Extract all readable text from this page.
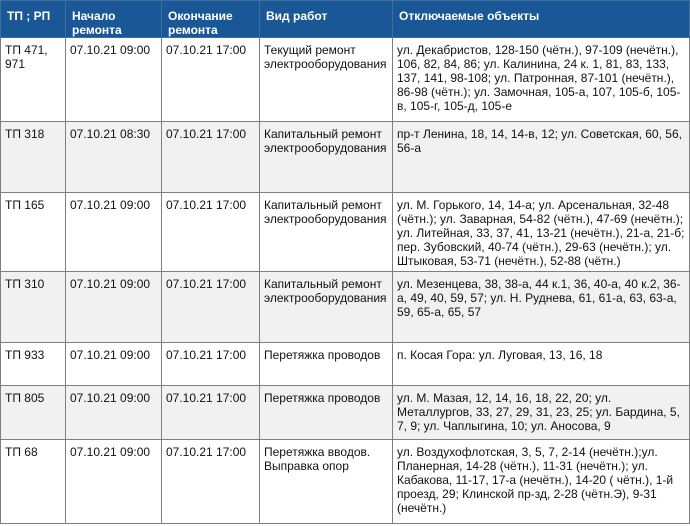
ТП ; РП	Начало ремонта	Окончание ремонта	Вид работ	Отключаемые объекты
ТП 471, 971	07.10.21 09:00	07.10.21 17:00	Текущий ремонт электрооборудования	ул. Декабристов, 128-150 (чётн.), 97-109 (нечётн.), 106, 82, 84, 86; ул. Калинина, 24 к. 1, 81, 83, 133, 137, 141, 98-108; ул. Патронная, 87-101 (нечётн.), 86-98 (чётн.); ул. Замочная, 105-а, 107, 105-б, 105-в, 105-г, 105-д, 105-е
ТП 318	07.10.21 08:30	07.10.21 17:00	Капитальный ремонт электрооборудования	пр-т Ленина, 18, 14, 14-в, 12; ул. Советская, 60, 56, 56-а
ТП 165	07.10.21 09:00	07.10.21 17:00	Капитальный ремонт электрооборудования	ул. М. Горького, 14, 14-а; ул. Арсенальная, 32-48 (чётн.); ул. Заварная, 54-82 (чётн.), 47-69 (нечётн.); ул. Литейная, 33, 37, 41, 13-21 (нечётн.), 21-а, 21-б; пер. Зубовский, 40-74 (чётн.), 29-63 (нечётн.); ул. Штыковая, 53-71 (нечётн.), 52-88 (чётн.)
ТП 310	07.10.21 09:00	07.10.21 17:00	Капитальный ремонт электрооборудования	ул. Мезенцева, 38, 38-а, 44 к.1, 36, 40-а, 40 к.2, 36-а, 49, 40, 59, 57; ул. Н. Руднева, 61, 61-а, 63, 63-а, 59, 65-а, 65, 57
ТП 933	07.10.21 09:00	07.10.21 17:00	Перетяжка проводов	п. Косая Гора: ул. Луговая, 13, 16, 18
ТП 805	07.10.21 09:00	07.10.21 17:00	Перетяжка проводов	ул. М. Мазая, 12, 14, 16, 18, 22, 20; ул. Металлургов, 33, 27, 29, 31, 23, 25; ул. Бардина, 5, 7, 9; ул. Чаплыгина, 10; ул. Аносова, 9
ТП 68	07.10.21 09:00	07.10.21 17:00	Перетяжка вводов. Выправка опор	ул. Воздухофлотская, 3, 5, 7, 2-14 (нечётн.);ул. Планерная, 14-28 (чётн.), 11-31 (нечётн.); ул. Кабакова, 11-17, 17-а (нечётн.), 14-20 ( чётн.), 1-й проезд, 29; Клинской пр-зд, 2-28 (чётн.Э), 9-31 (нечётн.)
